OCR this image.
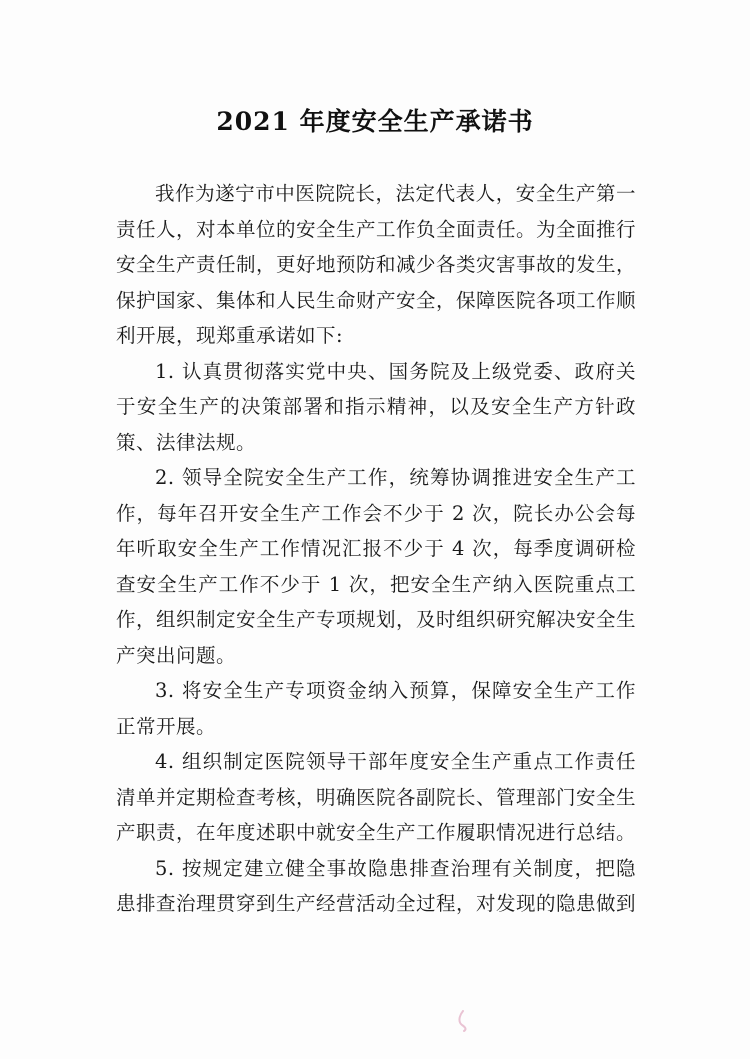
2021 年度安全生产承诺书

我作为遂宁市中医院院长，法定代表人，安全生产第一责任人，对本单位的安全生产工作负全面责任。为全面推行安全生产责任制，更好地预防和减少各类灾害事故的发生，保护国家、集体和人民生命财产安全，保障医院各项工作顺利开展，现郑重承诺如下:

1. 认真贯彻落实党中央、国务院及上级党委、政府关于安全生产的决策部署和指示精神，以及安全生产方针政策、法律法规。

2. 领导全院安全生产工作，统筹协调推进安全生产工作，每年召开安全生产工作会不少于 2 次，院长办公会每年听取安全生产工作情况汇报不少于 4 次，每季度调研检查安全生产工作不少于 1 次，把安全生产纳入医院重点工作，组织制定安全生产专项规划，及时组织研究解决安全生产突出问题。

3. 将安全生产专项资金纳入预算，保障安全生产工作正常开展。

4. 组织制定医院领导干部年度安全生产重点工作责任清单并定期检查考核，明确医院各副院长、管理部门安全生产职责，在年度述职中就安全生产工作履职情况进行总结。

5. 按规定建立健全事故隐患排查治理有关制度，把隐患排查治理贯穿到生产经营活动全过程，对发现的隐患做到
